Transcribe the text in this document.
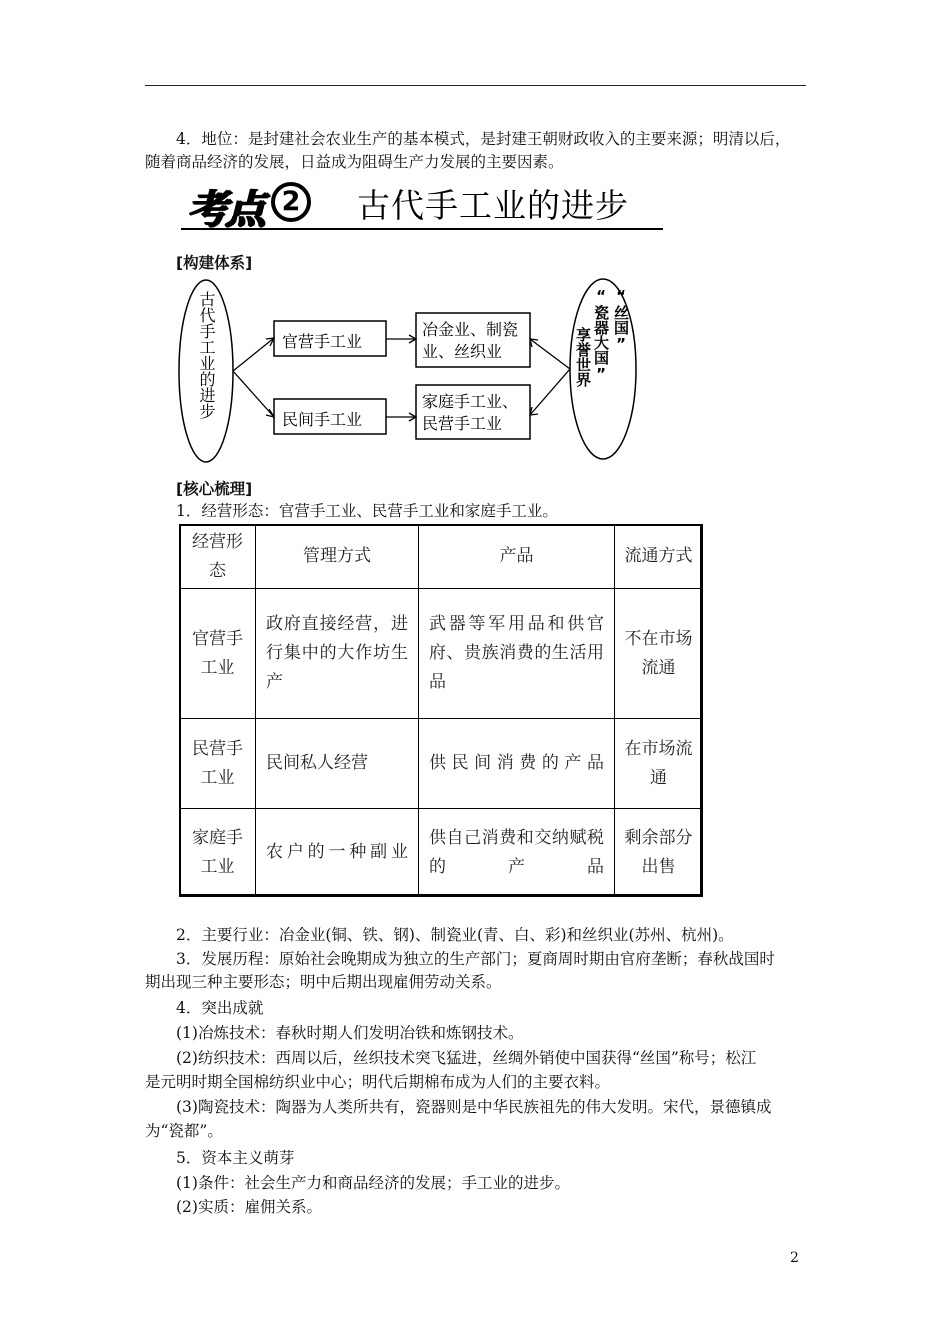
4．地位：是封建社会农业生产的基本模式，是封建王朝财政收入的主要来源；明清以后，
随着商品经济的发展，日益成为阻碍生产力发展的主要因素。
考点 2	古代手工业的进步
[构建体系]
古代手工业的进步	官营手工业
民间手工业
冶金业、制瓷
业、丝织业
家庭手工业、
民营手工业
“丝国”
“瓷器大国”
享誉世界
[核心梳理]
1．经营形态：官营手工业、民营手工业和家庭手工业。
经营形态	管理方式	产品	流通方式
官营手工业	政府直接经营，进行集中的大作坊生产	武器等军用品和供官府、贵族消费的生活用品	不在市场流通
民营手工业	民间私人经营	供民间消费的产品	在市场流通
家庭手工业	农户的一种副业	供自己消费和交纳赋税的产品	剩余部分出售
2．主要行业：冶金业(铜、铁、钢)、制瓷业(青、白、彩)和丝织业(苏州、杭州)。
3．发展历程：原始社会晚期成为独立的生产部门；夏商周时期由官府垄断；春秋战国时
期出现三种主要形态；明中后期出现雇佣劳动关系。
4．突出成就
(1)冶炼技术：春秋时期人们发明冶铁和炼钢技术。
(2)纺织技术：西周以后，丝织技术突飞猛进，丝绸外销使中国获得“丝国”称号；松江
是元明时期全国棉纺织业中心；明代后期棉布成为人们的主要衣料。
(3)陶瓷技术：陶器为人类所共有，瓷器则是中华民族祖先的伟大发明。宋代，景德镇成
为“瓷都”。
5．资本主义萌芽
(1)条件：社会生产力和商品经济的发展；手工业的进步。
(2)实质：雇佣关系。
2
